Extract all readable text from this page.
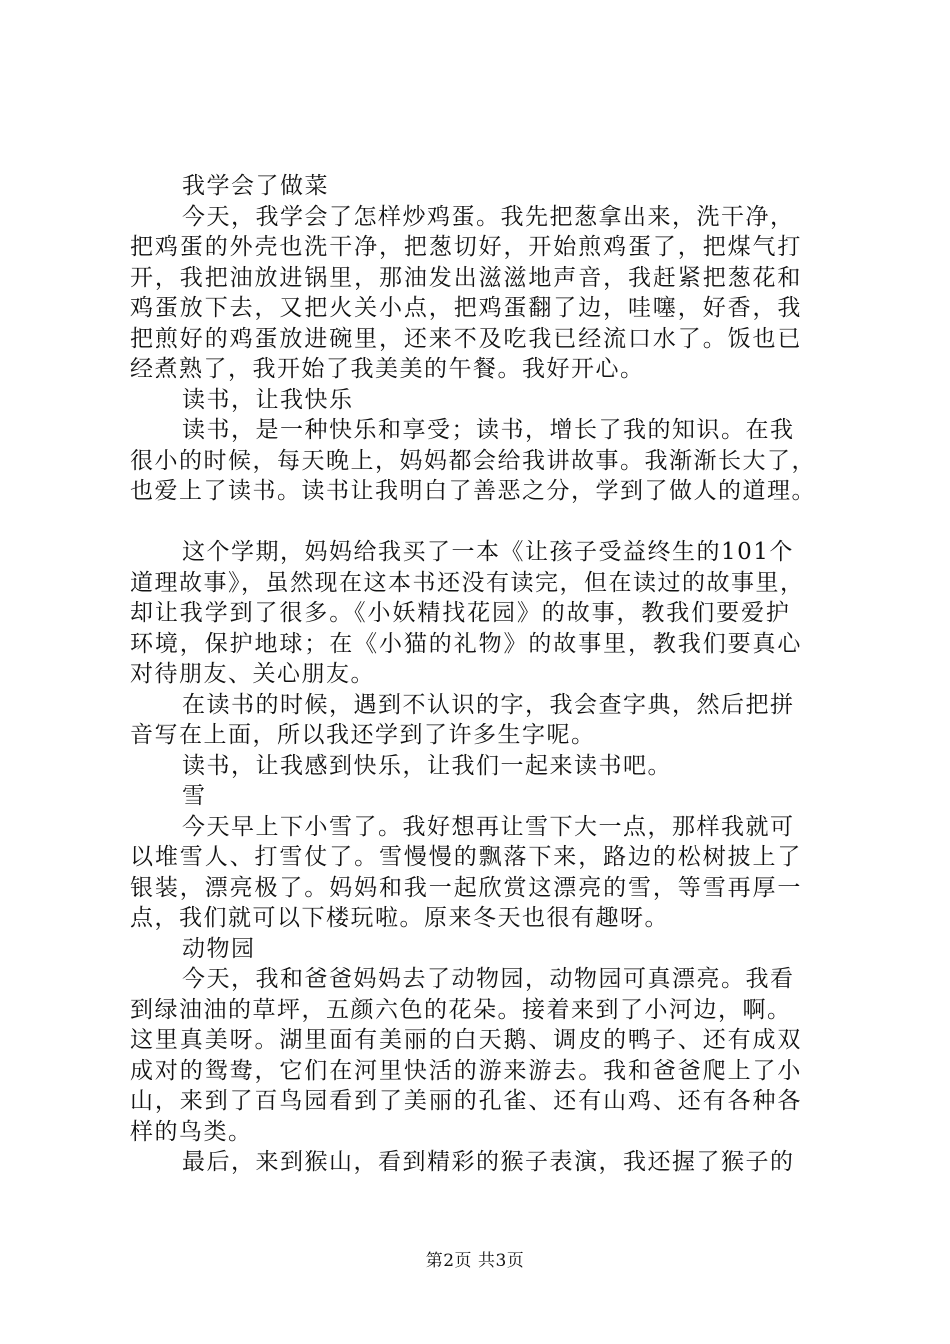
我学会了做菜
今天，我学会了怎样炒鸡蛋。我先把葱拿出来，洗干净，
把鸡蛋的外壳也洗干净，把葱切好，开始煎鸡蛋了，把煤气打
开，我把油放进锅里，那油发出滋滋地声音，我赶紧把葱花和
鸡蛋放下去，又把火关小点，把鸡蛋翻了边，哇噻，好香，我
把煎好的鸡蛋放进碗里，还来不及吃我已经流口水了。饭也已
经煮熟了，我开始了我美美的午餐。我好开心。
读书，让我快乐
读书，是一种快乐和享受；读书，增长了我的知识。在我
很小的时候，每天晚上，妈妈都会给我讲故事。我渐渐长大了，
也爱上了读书。读书让我明白了善恶之分，学到了做人的道理。
这个学期，妈妈给我买了一本《让孩子受益终生的101个
道理故事》，虽然现在这本书还没有读完，但在读过的故事里，
却让我学到了很多。《小妖精找花园》的故事，教我们要爱护
环境，保护地球；在《小猫的礼物》的故事里，教我们要真心
对待朋友、关心朋友。
在读书的时候，遇到不认识的字，我会查字典，然后把拼
音写在上面，所以我还学到了许多生字呢。
读书，让我感到快乐，让我们一起来读书吧。
雪
今天早上下小雪了。我好想再让雪下大一点，那样我就可
以堆雪人、打雪仗了。雪慢慢的飘落下来，路边的松树披上了
银装，漂亮极了。妈妈和我一起欣赏这漂亮的雪，等雪再厚一
点，我们就可以下楼玩啦。原来冬天也很有趣呀。
动物园
今天，我和爸爸妈妈去了动物园，动物园可真漂亮。我看
到绿油油的草坪，五颜六色的花朵。接着来到了小河边，啊。
这里真美呀。湖里面有美丽的白天鹅、调皮的鸭子、还有成双
成对的鸳鸯，它们在河里快活的游来游去。我和爸爸爬上了小
山，来到了百鸟园看到了美丽的孔雀、还有山鸡、还有各种各
样的鸟类。
最后，来到猴山，看到精彩的猴子表演，我还握了猴子的
第2页 共3页
